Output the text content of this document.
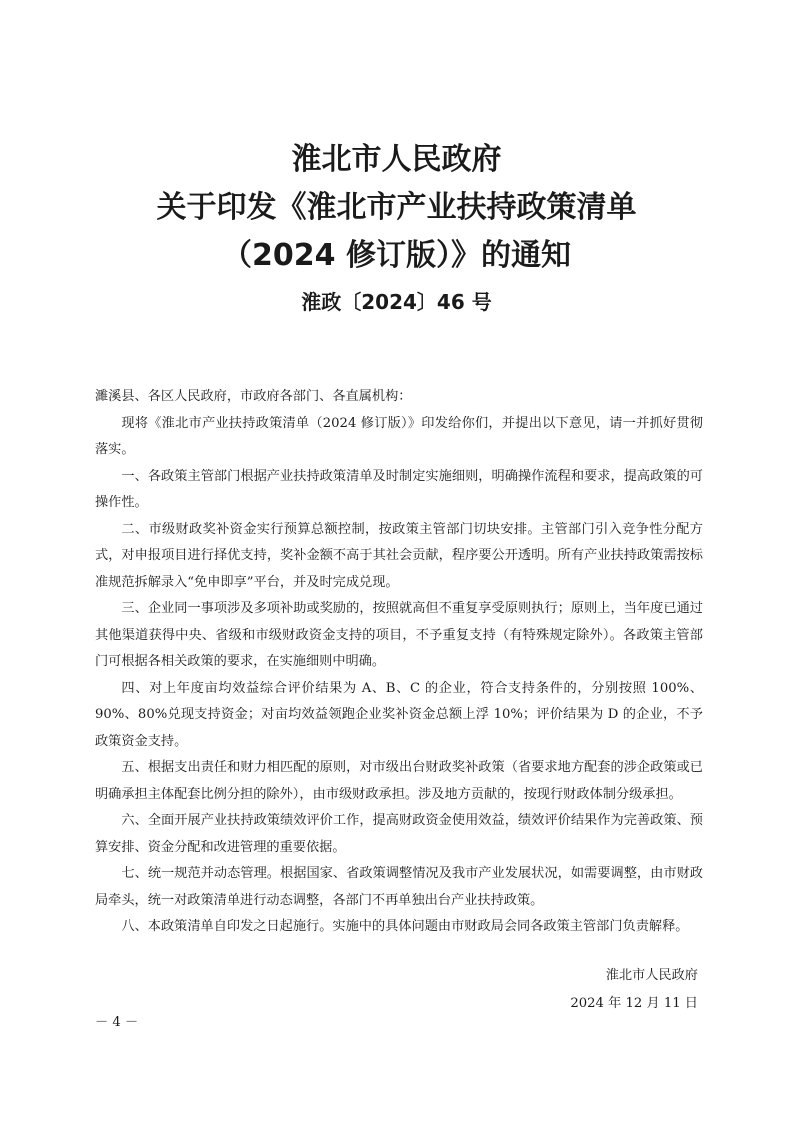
淮北市人民政府
关于印发《淮北市产业扶持政策清单
（2024 修订版）》的通知
淮政〔2024〕46 号

濉溪县、各区人民政府，市政府各部门、各直属机构：

现将《淮北市产业扶持政策清单（2024 修订版）》印发给你们，并提出以下意见，请一并抓好贯彻落实。

一、各政策主管部门根据产业扶持政策清单及时制定实施细则，明确操作流程和要求，提高政策的可操作性。

二、市级财政奖补资金实行预算总额控制，按政策主管部门切块安排。主管部门引入竞争性分配方式，对申报项目进行择优支持，奖补金额不高于其社会贡献，程序要公开透明。所有产业扶持政策需按标准规范拆解录入“免申即享”平台，并及时完成兑现。

三、企业同一事项涉及多项补助或奖励的，按照就高但不重复享受原则执行；原则上，当年度已通过其他渠道获得中央、省级和市级财政资金支持的项目，不予重复支持（有特殊规定除外）。各政策主管部门可根据各相关政策的要求，在实施细则中明确。

四、对上年度亩均效益综合评价结果为 A、B、C 的企业，符合支持条件的，分别按照 100%、90%、80%兑现支持资金；对亩均效益领跑企业奖补资金总额上浮 10%；评价结果为 D 的企业，不予政策资金支持。

五、根据支出责任和财力相匹配的原则，对市级出台财政奖补政策（省要求地方配套的涉企政策或已明确承担主体配套比例分担的除外），由市级财政承担。涉及地方贡献的，按现行财政体制分级承担。

六、全面开展产业扶持政策绩效评价工作，提高财政资金使用效益，绩效评价结果作为完善政策、预算安排、资金分配和改进管理的重要依据。

七、统一规范并动态管理。根据国家、省政策调整情况及我市产业发展状况，如需要调整，由市财政局牵头，统一对政策清单进行动态调整，各部门不再单独出台产业扶持政策。

八、本政策清单自印发之日起施行。实施中的具体问题由市财政局会同各政策主管部门负责解释。

淮北市人民政府
2024 年 12 月 11 日
－ 4 －
